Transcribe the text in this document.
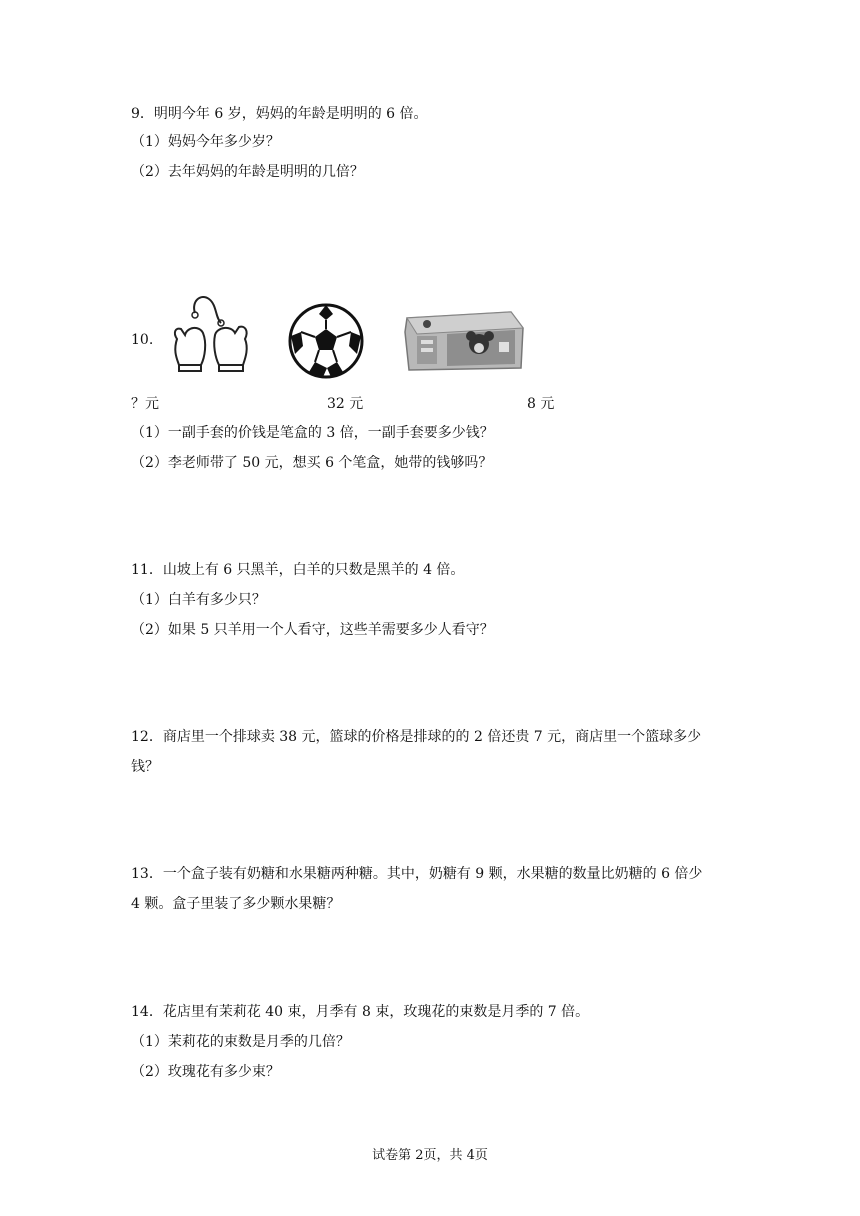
9．明明今年 6 岁，妈妈的年龄是明明的 6 倍。
（1）妈妈今年多少岁？
（2）去年妈妈的年龄是明明的几倍？
10.
？元	32 元	8 元
（1）一副手套的价钱是笔盒的 3 倍，一副手套要多少钱？
（2）李老师带了 50 元，想买 6 个笔盒，她带的钱够吗？
11．山坡上有 6 只黑羊，白羊的只数是黑羊的 4 倍。
（1）白羊有多少只？
（2）如果 5 只羊用一个人看守，这些羊需要多少人看守？
12．商店里一个排球卖 38 元，篮球的价格是排球的的 2 倍还贵 7 元，商店里一个篮球多少
钱？
13．一个盒子装有奶糖和水果糖两种糖。其中，奶糖有 9 颗，水果糖的数量比奶糖的 6 倍少
4 颗。盒子里装了多少颗水果糖？
14．花店里有茉莉花 40 束，月季有 8 束，玫瑰花的束数是月季的 7 倍。
（1）茉莉花的束数是月季的几倍？
（2）玫瑰花有多少束？
试卷第 2页，共 4页
